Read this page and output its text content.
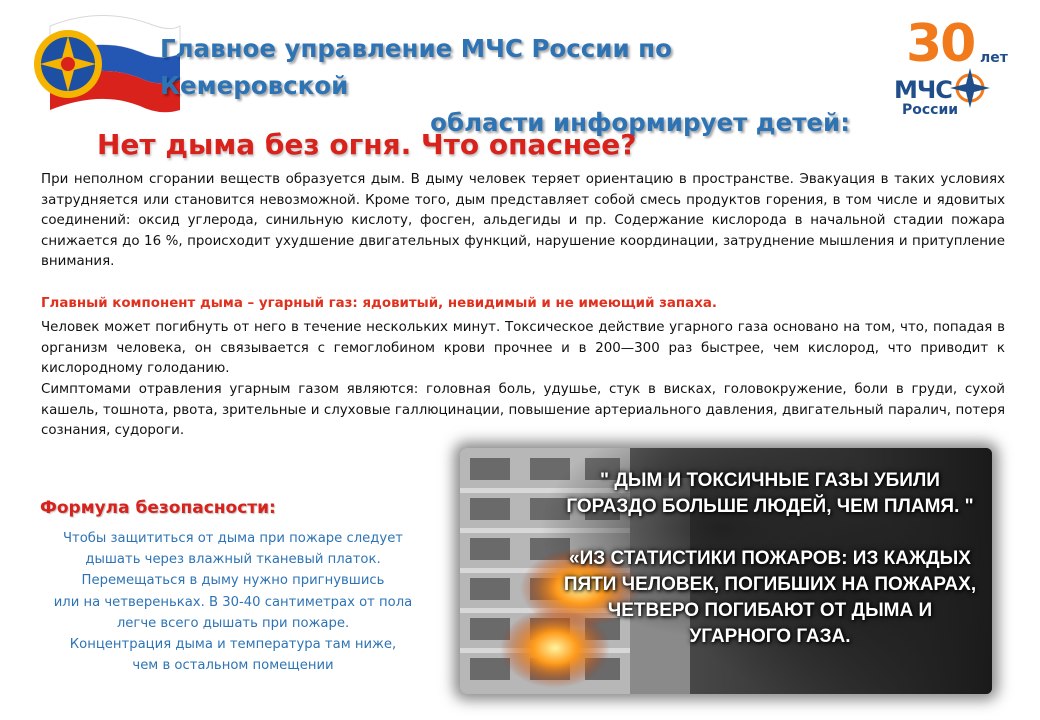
Главное управление МЧС России по Кемеровской
области информирует детей:
30 лет
МЧС
России
Нет дыма без огня. Что опаснее?

При неполном сгорании веществ образуется дым. В дыму человек теряет ориентацию в пространстве. Эвакуация в таких условиях затрудняется или становится невозможной. Кроме того, дым представляет собой смесь продуктов горения, в том числе и ядовитых соединений: оксид углерода, синильную кислоту, фосген, альдегиды и пр. Содержание кислорода в начальной стадии пожара снижается до 16 %, происходит ухудшение двигательных функций, нарушение координации, затруднение мышления и притупление внимания.

Главный компонент дыма – угарный газ: ядовитый, невидимый и не имеющий запаха.

Человек может погибнуть от него в течение нескольких минут. Токсическое действие угарного газа основано на том, что, попадая в организм человека, он связывается с гемоглобином крови прочнее и в 200—300 раз быстрее, чем кислород, что приводит к кислородному голоданию.

Симптомами отравления угарным газом являются: головная боль, удушье, стук в висках, головокружение, боли в груди, сухой кашель, тошнота, рвота, зрительные и слуховые галлюцинации, повышение артериального давления, двигательный паралич, потеря сознания, судороги.

Формула безопасности:
Чтобы защититься от дыма при пожаре следует
дышать через влажный тканевый платок.
Перемещаться в дыму нужно пригнувшись
или на четвереньках. В 30-40 сантиметрах от пола
легче всего дышать при пожаре.
Концентрация дыма и температура там ниже,
чем в остальном помещении
" ДЫМ И ТОКСИЧНЫЕ ГАЗЫ УБИЛИ ГОРАЗДО БОЛЬШЕ ЛЮДЕЙ, ЧЕМ ПЛАМЯ. "
«ИЗ СТАТИСТИКИ ПОЖАРОВ: ИЗ КАЖДЫХ ПЯТИ ЧЕЛОВЕК, ПОГИБШИХ НА ПОЖАРАХ, ЧЕТВЕРО ПОГИБАЮТ ОТ ДЫМА И УГАРНОГО ГАЗА.
